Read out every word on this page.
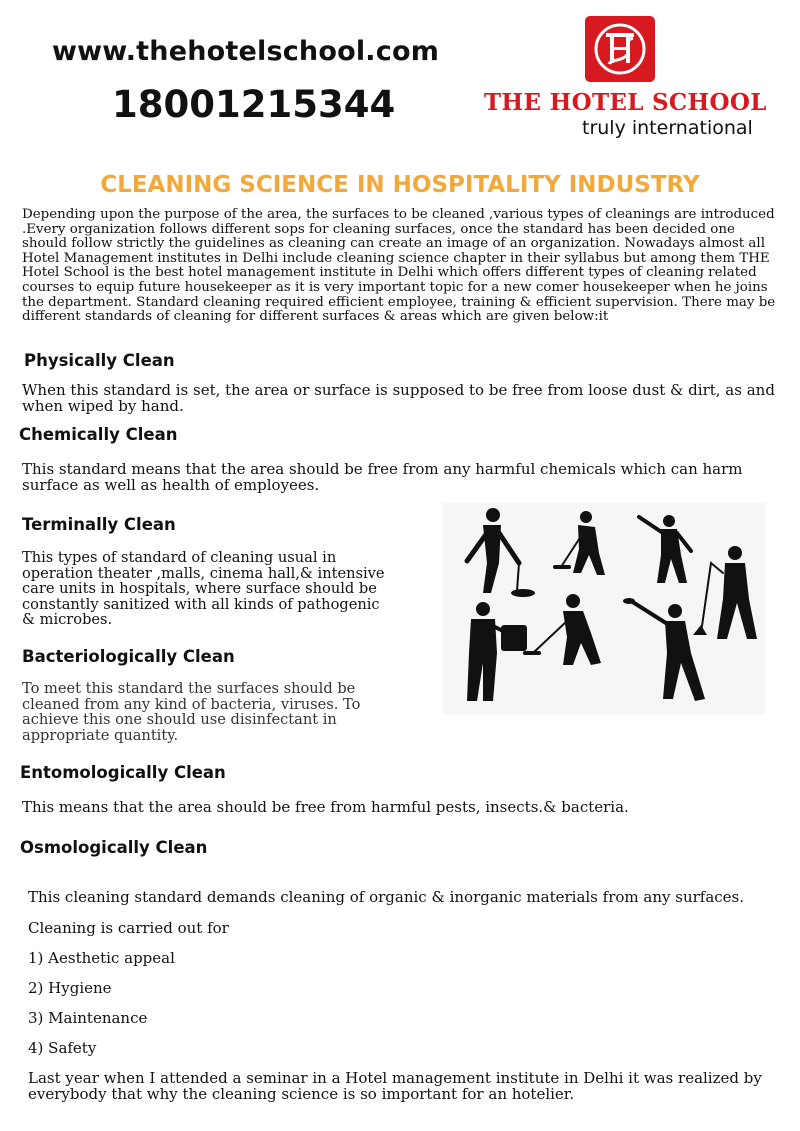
www.thehotelschool.com
18001215344	THE HOTEL SCHOOL
truly international
CLEANING SCIENCE IN HOSPITALITY INDUSTRY
Depending upon the purpose of the area, the surfaces to be cleaned ,various types of cleanings are introduced .Every organization follows different sops for cleaning surfaces, once the standard has been decided one should follow strictly the guidelines as cleaning can create an image of an organization. Nowadays almost all Hotel Management institutes in Delhi include cleaning science chapter in their syllabus but among them THE Hotel School is the best hotel management institute in Delhi which offers different types of cleaning related courses to equip future housekeeper as it is very important topic for a new comer housekeeper when he joins the department. Standard cleaning required efficient employee, training & efficient supervision. There may be different standards of cleaning for different surfaces & areas which are given below:it
Physically Clean
When this standard is set, the area or surface is supposed to be free from loose dust & dirt, as and when wiped by hand.
Chemically Clean
This standard means that the area should be free from any harmful chemicals which can harm surface as well as health of employees.
Terminally Clean
This types of standard of cleaning usual in operation theater ,malls, cinema hall,& intensive care units in hospitals, where surface should be constantly sanitized with all kinds of pathogenic & microbes.
Bacteriologically Clean
To meet this standard the surfaces should be cleaned from any kind of bacteria, viruses. To achieve this one should use disinfectant in appropriate quantity.
Entomologically Clean
This means that the area should be free from harmful pests, insects.& bacteria.
Osmologically Clean
This cleaning standard demands cleaning of organic & inorganic materials from any surfaces.
Cleaning is carried out for
1) Aesthetic appeal
2) Hygiene
3) Maintenance
4) Safety
Last year when I attended a seminar in a Hotel management institute in Delhi it was realized by everybody that why the cleaning science is so important for an hotelier.
